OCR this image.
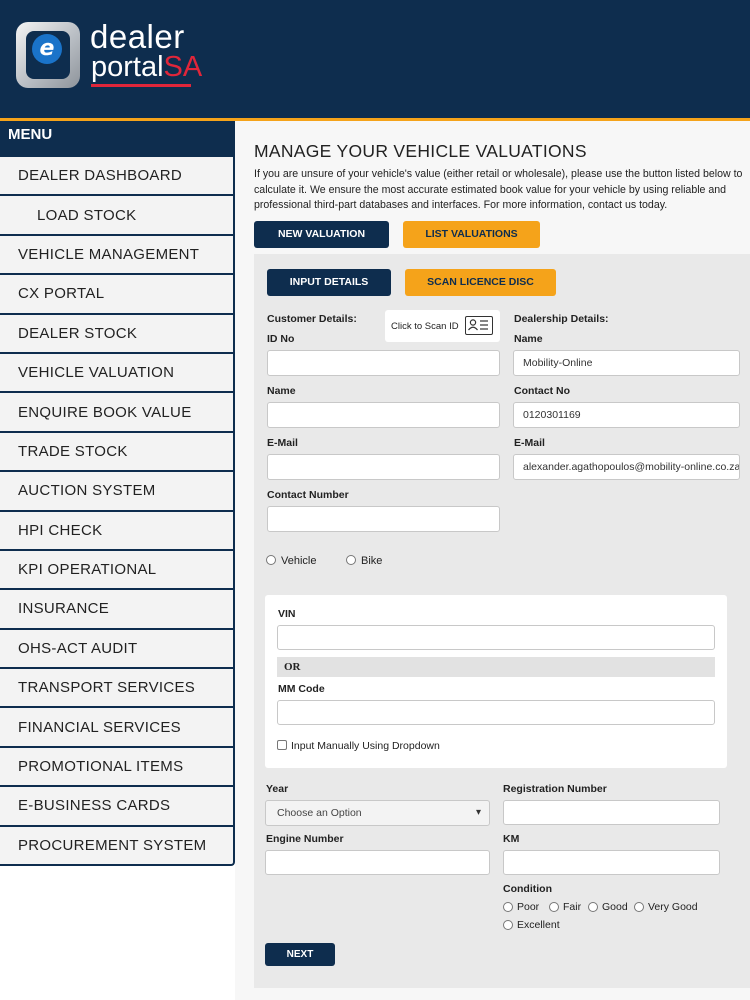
e dealer
portalSA
MENU
DEALER DASHBOARD
LOAD STOCK
VEHICLE MANAGEMENT
CX PORTAL
DEALER STOCK
VEHICLE VALUATION
ENQUIRE BOOK VALUE
TRADE STOCK
AUCTION SYSTEM
HPI CHECK
KPI OPERATIONAL
INSURANCE
OHS-ACT AUDIT
TRANSPORT SERVICES
FINANCIAL SERVICES
PROMOTIONAL ITEMS
E-BUSINESS CARDS
PROCUREMENT SYSTEM
MANAGE YOUR VEHICLE VALUATIONS
If you are unsure of your vehicle's value (either retail or wholesale), please use the button listed below to
calculate it. We ensure the most accurate estimated book value for your vehicle by using reliable and
professional third-part databases and interfaces. For more information, contact us today.
NEW VALUATION	LIST VALUATIONS
INPUT DETAILS	SCAN LICENCE DISC
Customer Details:
Click to Scan ID
ID No
Name
E-Mail
Contact Number
Dealership Details:
Name
Mobility-Online
Contact No
0120301169
E-Mail
alexander.agathopoulos@mobility-online.co.za
Vehicle	Bike
VIN
OR
MM Code
Input Manually Using Dropdown
Year
Choose an Option	▾
Registration Number
Engine Number	KM
Condition
Poor Fair Good Very Good
Excellent
NEXT
